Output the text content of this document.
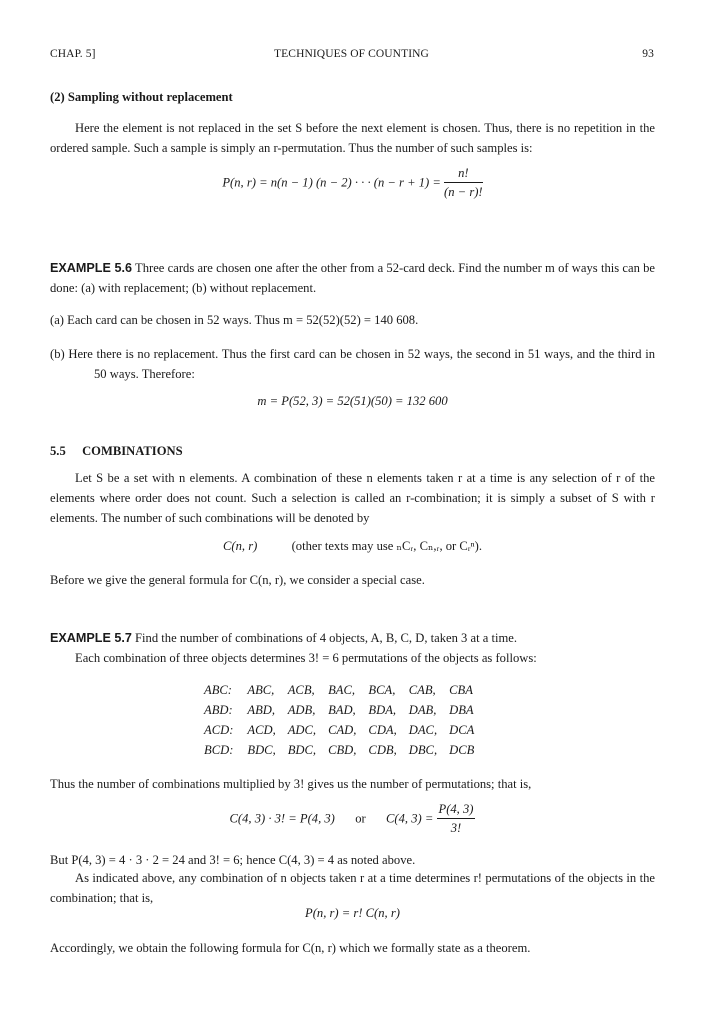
CHAP. 5]	TECHNIQUES OF COUNTING	93
(2) Sampling without replacement
Here the element is not replaced in the set S before the next element is chosen. Thus, there is no repetition in the ordered sample. Such a sample is simply an r-permutation. Thus the number of such samples is:
P(n, r) = n(n − 1) (n − 2) · · · $(n - r + 1) = \frac{n!}{(n - r)!}$
EXAMPLE 5.6 Three cards are chosen one after the other from a 52-card deck. Find the number m of ways this can be done: (a) with replacement; (b) without replacement.
(a) Each card can be chosen in 52 ways. Thus m = 52(52)(52) = 140 608.
(b) Here there is no replacement. Thus the first card can be chosen in 52 ways, the second in 51 ways, and the third in 50 ways. Therefore:
m = P(52, 3) = 52(51)(50) = 132 600
5.5 COMBINATIONS
Let S be a set with n elements. A combination of these n elements taken r at a time is any selection of r of the elements where order does not count. Such a selection is called an r-combination; it is simply a subset of S with r elements. The number of such combinations will be denoted by
C(n, r)	(other texts may use ₙCᵣ, Cₙ,ᵣ, or Cᵣⁿ).
Before we give the general formula for C(n, r), we consider a special case.
EXAMPLE 5.7 Find the number of combinations of 4 objects, A, B, C, D, taken 3 at a time.
Each combination of three objects determines 3! = 6 permutations of the objects as follows:
ABC:	ABC,	ACB,	BAC,	BCA,	CAB,	CBA
ABD:	ABD,	ADB,	BAD,	BDA,	DAB,	DBA
ACD:	ACD,	ADC,	CAD,	CDA,	DAC,	DCA
BCD:	BDC,	BDC,	CBD,	CDB,	DBC,	DCB
Thus the number of combinations multiplied by 3! gives us the number of permutations; that is,
C(4, 3) · 3! = P(4, 3) or C(4, $3) = \frac{P(4, 3)}{3!}$
But P(4, 3) = 4 · 3 · 2 = 24 and 3! = 6; hence C(4, 3) = 4 as noted above.
As indicated above, any combination of n objects taken r at a time determines r! permutations of the objects in the combination; that is,
P(n, r) = r! C(n, r)
Accordingly, we obtain the following formula for C(n, r) which we formally state as a theorem.
